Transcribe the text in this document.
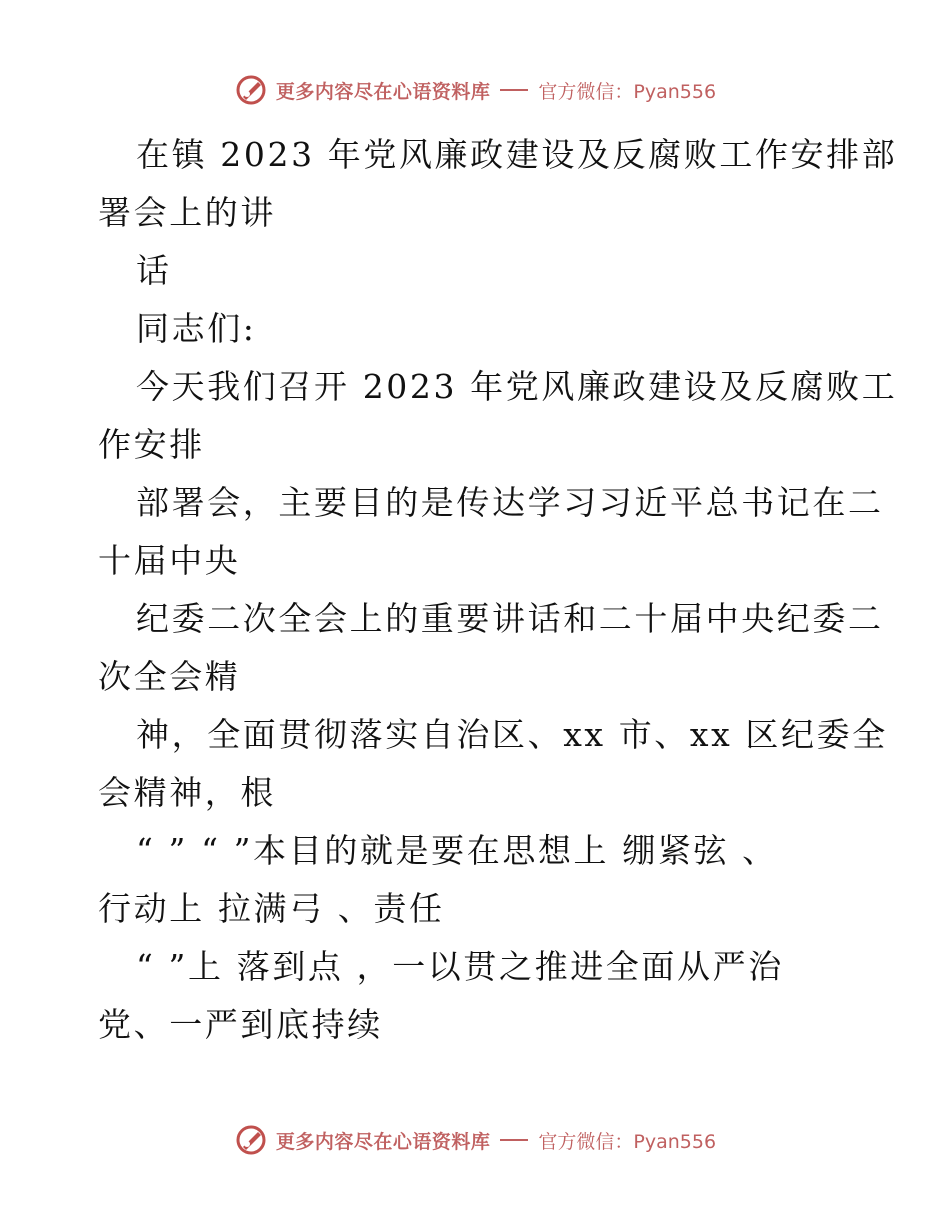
更多内容尽在心语资料库	官方微信：Pyan556
在镇 2023 年党风廉政建设及反腐败工作安排部
署会上的讲
话
同志们:
今天我们召开 2023 年党风廉政建设及反腐败工
作安排
部署会，主要目的是传达学习习近平总书记在二
十届中央
纪委二次全会上的重要讲话和二十届中央纪委二
次全会精
神，全面贯彻落实自治区、xx 市、xx 区纪委全
会精神，根
“ ” “ ”本目的就是要在思想上 绷紧弦 、
行动上 拉满弓 、责任
“ ”上 落到点 ，一以贯之推进全面从严治
党、一严到底持续
更多内容尽在心语资料库	官方微信：Pyan556
